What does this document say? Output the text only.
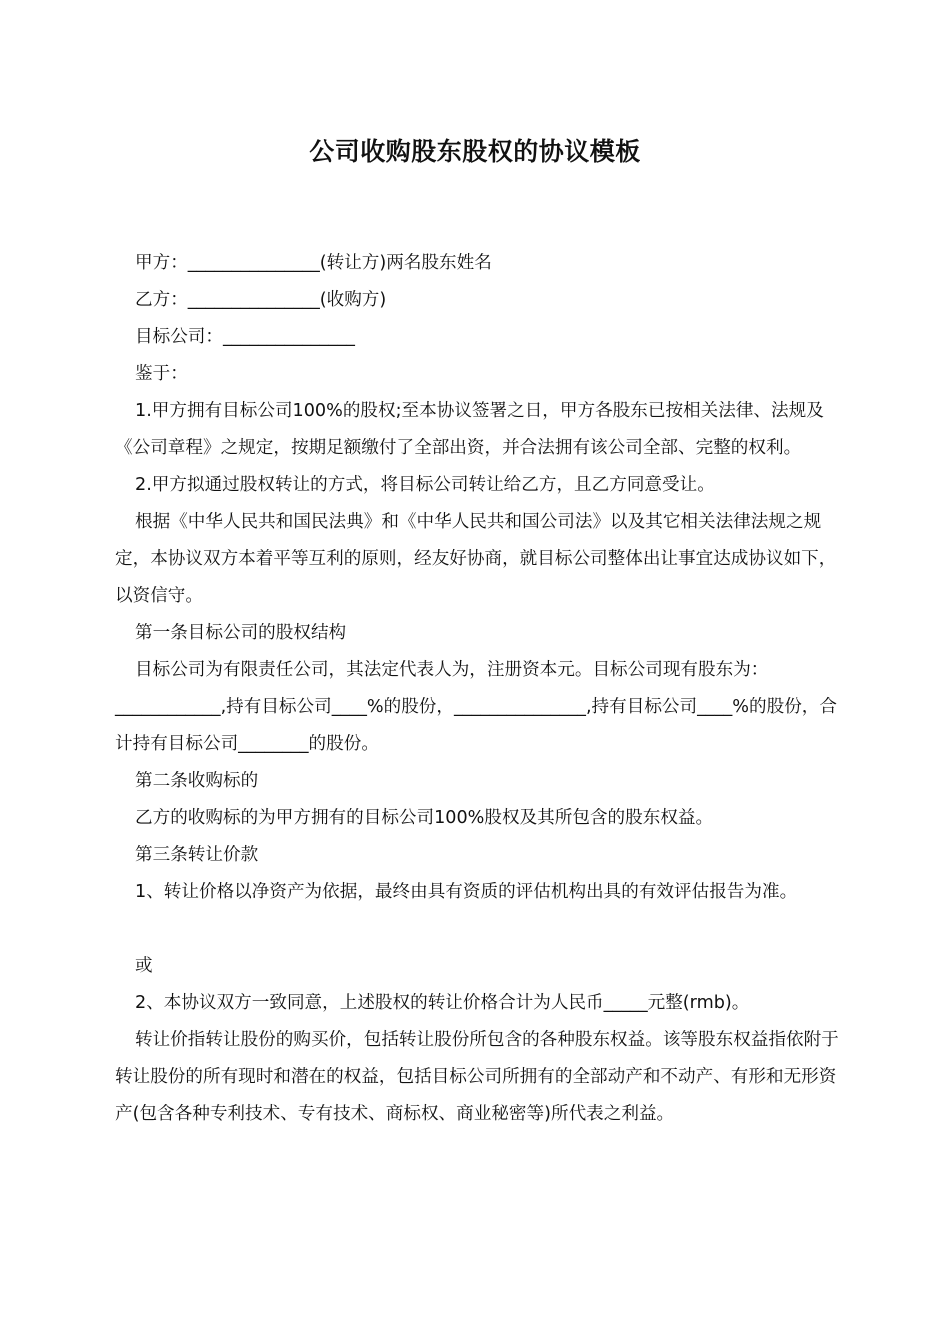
公司收购股东股权的协议模板

甲方：_______________(转让方)两名股东姓名

乙方：_______________(收购方)

目标公司：_______________

鉴于：

1.甲方拥有目标公司100%的股权;至本协议签署之日，甲方各股东已按相关法律、法规及《公司章程》之规定，按期足额缴付了全部出资，并合法拥有该公司全部、完整的权利。

2.甲方拟通过股权转让的方式，将目标公司转让给乙方，且乙方同意受让。

根据《中华人民共和国民法典》和《中华人民共和国公司法》以及其它相关法律法规之规定，本协议双方本着平等互利的原则，经友好协商，就目标公司整体出让事宜达成协议如下，以资信守。

第一条目标公司的股权结构

目标公司为有限责任公司，其法定代表人为，注册资本元。目标公司现有股东为：____________,持有目标公司____%的股份，_______________,持有目标公司____%的股份，合计持有目标公司________的股份。

第二条收购标的

乙方的收购标的为甲方拥有的目标公司100%股权及其所包含的股东权益。

第三条转让价款

1、转让价格以净资产为依据，最终由具有资质的评估机构出具的有效评估报告为准。

或

2、本协议双方一致同意，上述股权的转让价格合计为人民币_____元整(rmb)。

转让价指转让股份的购买价，包括转让股份所包含的各种股东权益。该等股东权益指依附于转让股份的所有现时和潜在的权益，包括目标公司所拥有的全部动产和不动产、有形和无形资产(包含各种专利技术、专有技术、商标权、商业秘密等)所代表之利益。
